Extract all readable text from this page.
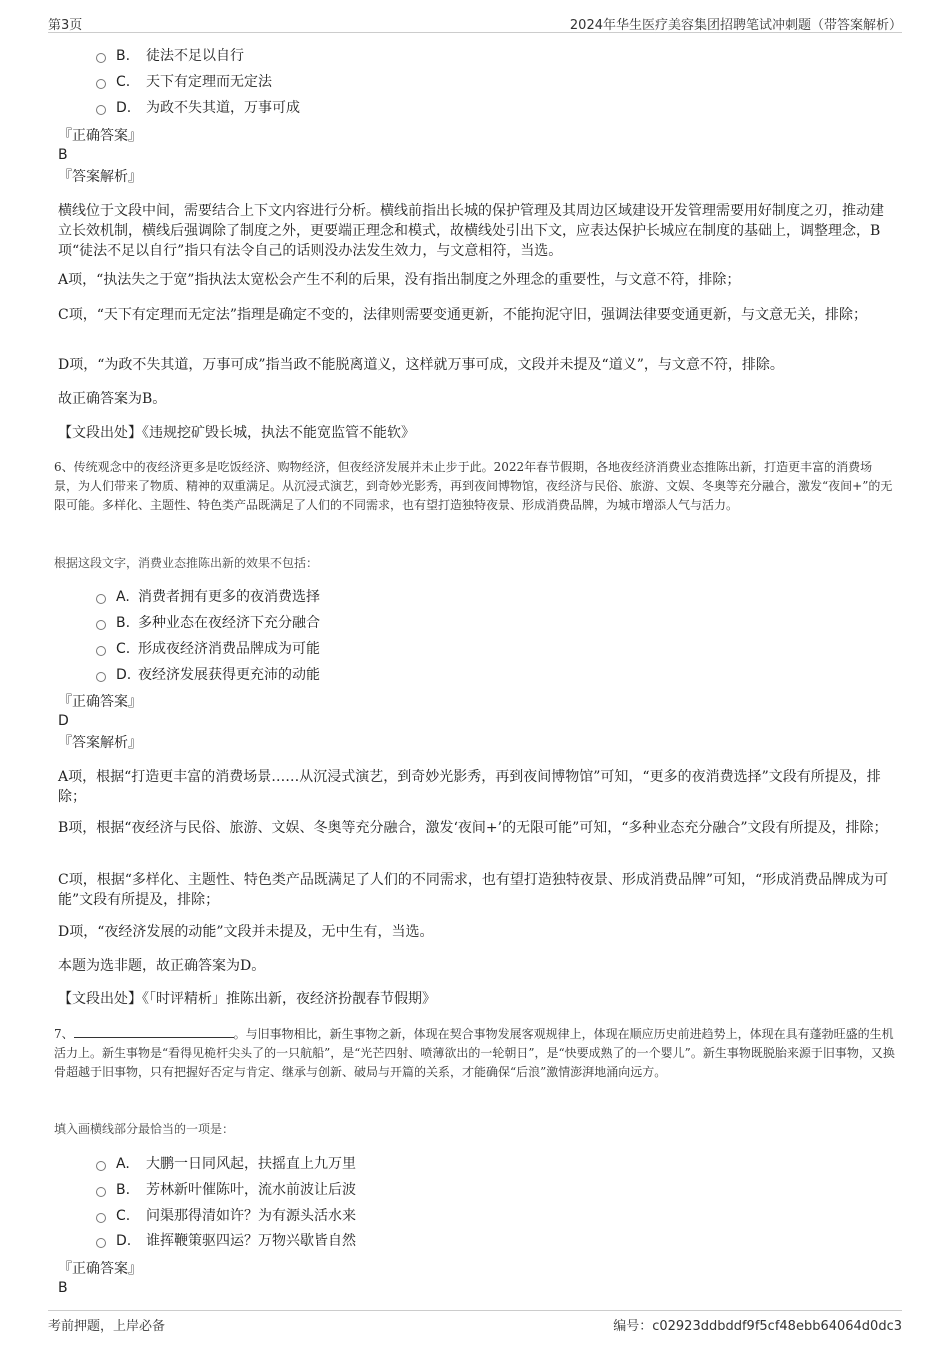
第3页	2024年华生医疗美容集团招聘笔试冲刺题（带答案解析）
B.	徒法不足以自行
C.	天下有定理而无定法
D.	为政不失其道，万事可成
『正确答案』
B
『答案解析』
横线位于文段中间，需要结合上下文内容进行分析。横线前指出长城的保护管理及其周边区域建设开发管理需要用好制度之刃，推动建立长效机制，横线后强调除了制度之外，更要端正理念和模式，故横线处引出下文，应表达保护长城应在制度的基础上，调整理念，B项“徒法不足以自行”指只有法令自己的话则没办法发生效力，与文意相符，当选。
A项，“执法失之于宽”指执法太宽松会产生不利的后果，没有指出制度之外理念的重要性，与文意不符，排除；
C项，“天下有定理而无定法”指理是确定不变的，法律则需要变通更新，不能拘泥守旧，强调法律要变通更新，与文意无关，排除；
D项，“为政不失其道，万事可成”指当政不能脱离道义，这样就万事可成，文段并未提及“道义”，与文意不符，排除。
故正确答案为B。
【文段出处】《违规挖矿毁长城，执法不能宽监管不能软》
6、传统观念中的夜经济更多是吃饭经济、购物经济，但夜经济发展并未止步于此。2022年春节假期，各地夜经济消费业态推陈出新，打造更丰富的消费场景，为人们带来了物质、精神的双重满足。从沉浸式演艺，到奇妙光影秀，再到夜间博物馆，夜经济与民俗、旅游、文娱、冬奥等充分融合，激发“夜间+”的无限可能。多样化、主题性、特色类产品既满足了人们的不同需求，也有望打造独特夜景、形成消费品牌，为城市增添人气与活力。
根据这段文字，消费业态推陈出新的效果不包括：
A. 消费者拥有更多的夜消费选择
B. 多种业态在夜经济下充分融合
C. 形成夜经济消费品牌成为可能
D. 夜经济发展获得更充沛的动能
『正确答案』
D
『答案解析』
A项，根据“打造更丰富的消费场景……从沉浸式演艺，到奇妙光影秀，再到夜间博物馆”可知，“更多的夜消费选择”文段有所提及，排除；
B项，根据“夜经济与民俗、旅游、文娱、冬奥等充分融合，激发‘夜间+’的无限可能”可知，“多种业态充分融合”文段有所提及，排除；
C项，根据“多样化、主题性、特色类产品既满足了人们的不同需求，也有望打造独特夜景、形成消费品牌”可知，“形成消费品牌成为可能”文段有所提及，排除；
D项，“夜经济发展的动能”文段并未提及，无中生有，当选。
本题为选非题，故正确答案为D。
【文段出处】《「时评精析」推陈出新，夜经济扮靓春节假期》
7、	。与旧事物相比，新生事物之新，体现在契合事物发展客观规律上，体现在顺应历史前进趋势上，体现在具有蓬勃旺盛的生机活力上。新生事物是“看得见桅杆尖头了的一只航船”，是“光芒四射、喷薄欲出的一轮朝日”，是“快要成熟了的一个婴儿”。新生事物既脱胎来源于旧事物，又换骨超越于旧事物，只有把握好否定与肯定、继承与创新、破局与开篇的关系，才能确保“后浪”激情澎湃地涌向远方。
填入画横线部分最恰当的一项是：
A.	大鹏一日同风起，扶摇直上九万里
B.	芳林新叶催陈叶，流水前波让后波
C.	问渠那得清如许？为有源头活水来
D.	谁挥鞭策驱四运？万物兴歇皆自然
『正确答案』
B
考前押题，上岸必备	编号：c02923ddbddf9f5cf48ebb64064d0dc3
